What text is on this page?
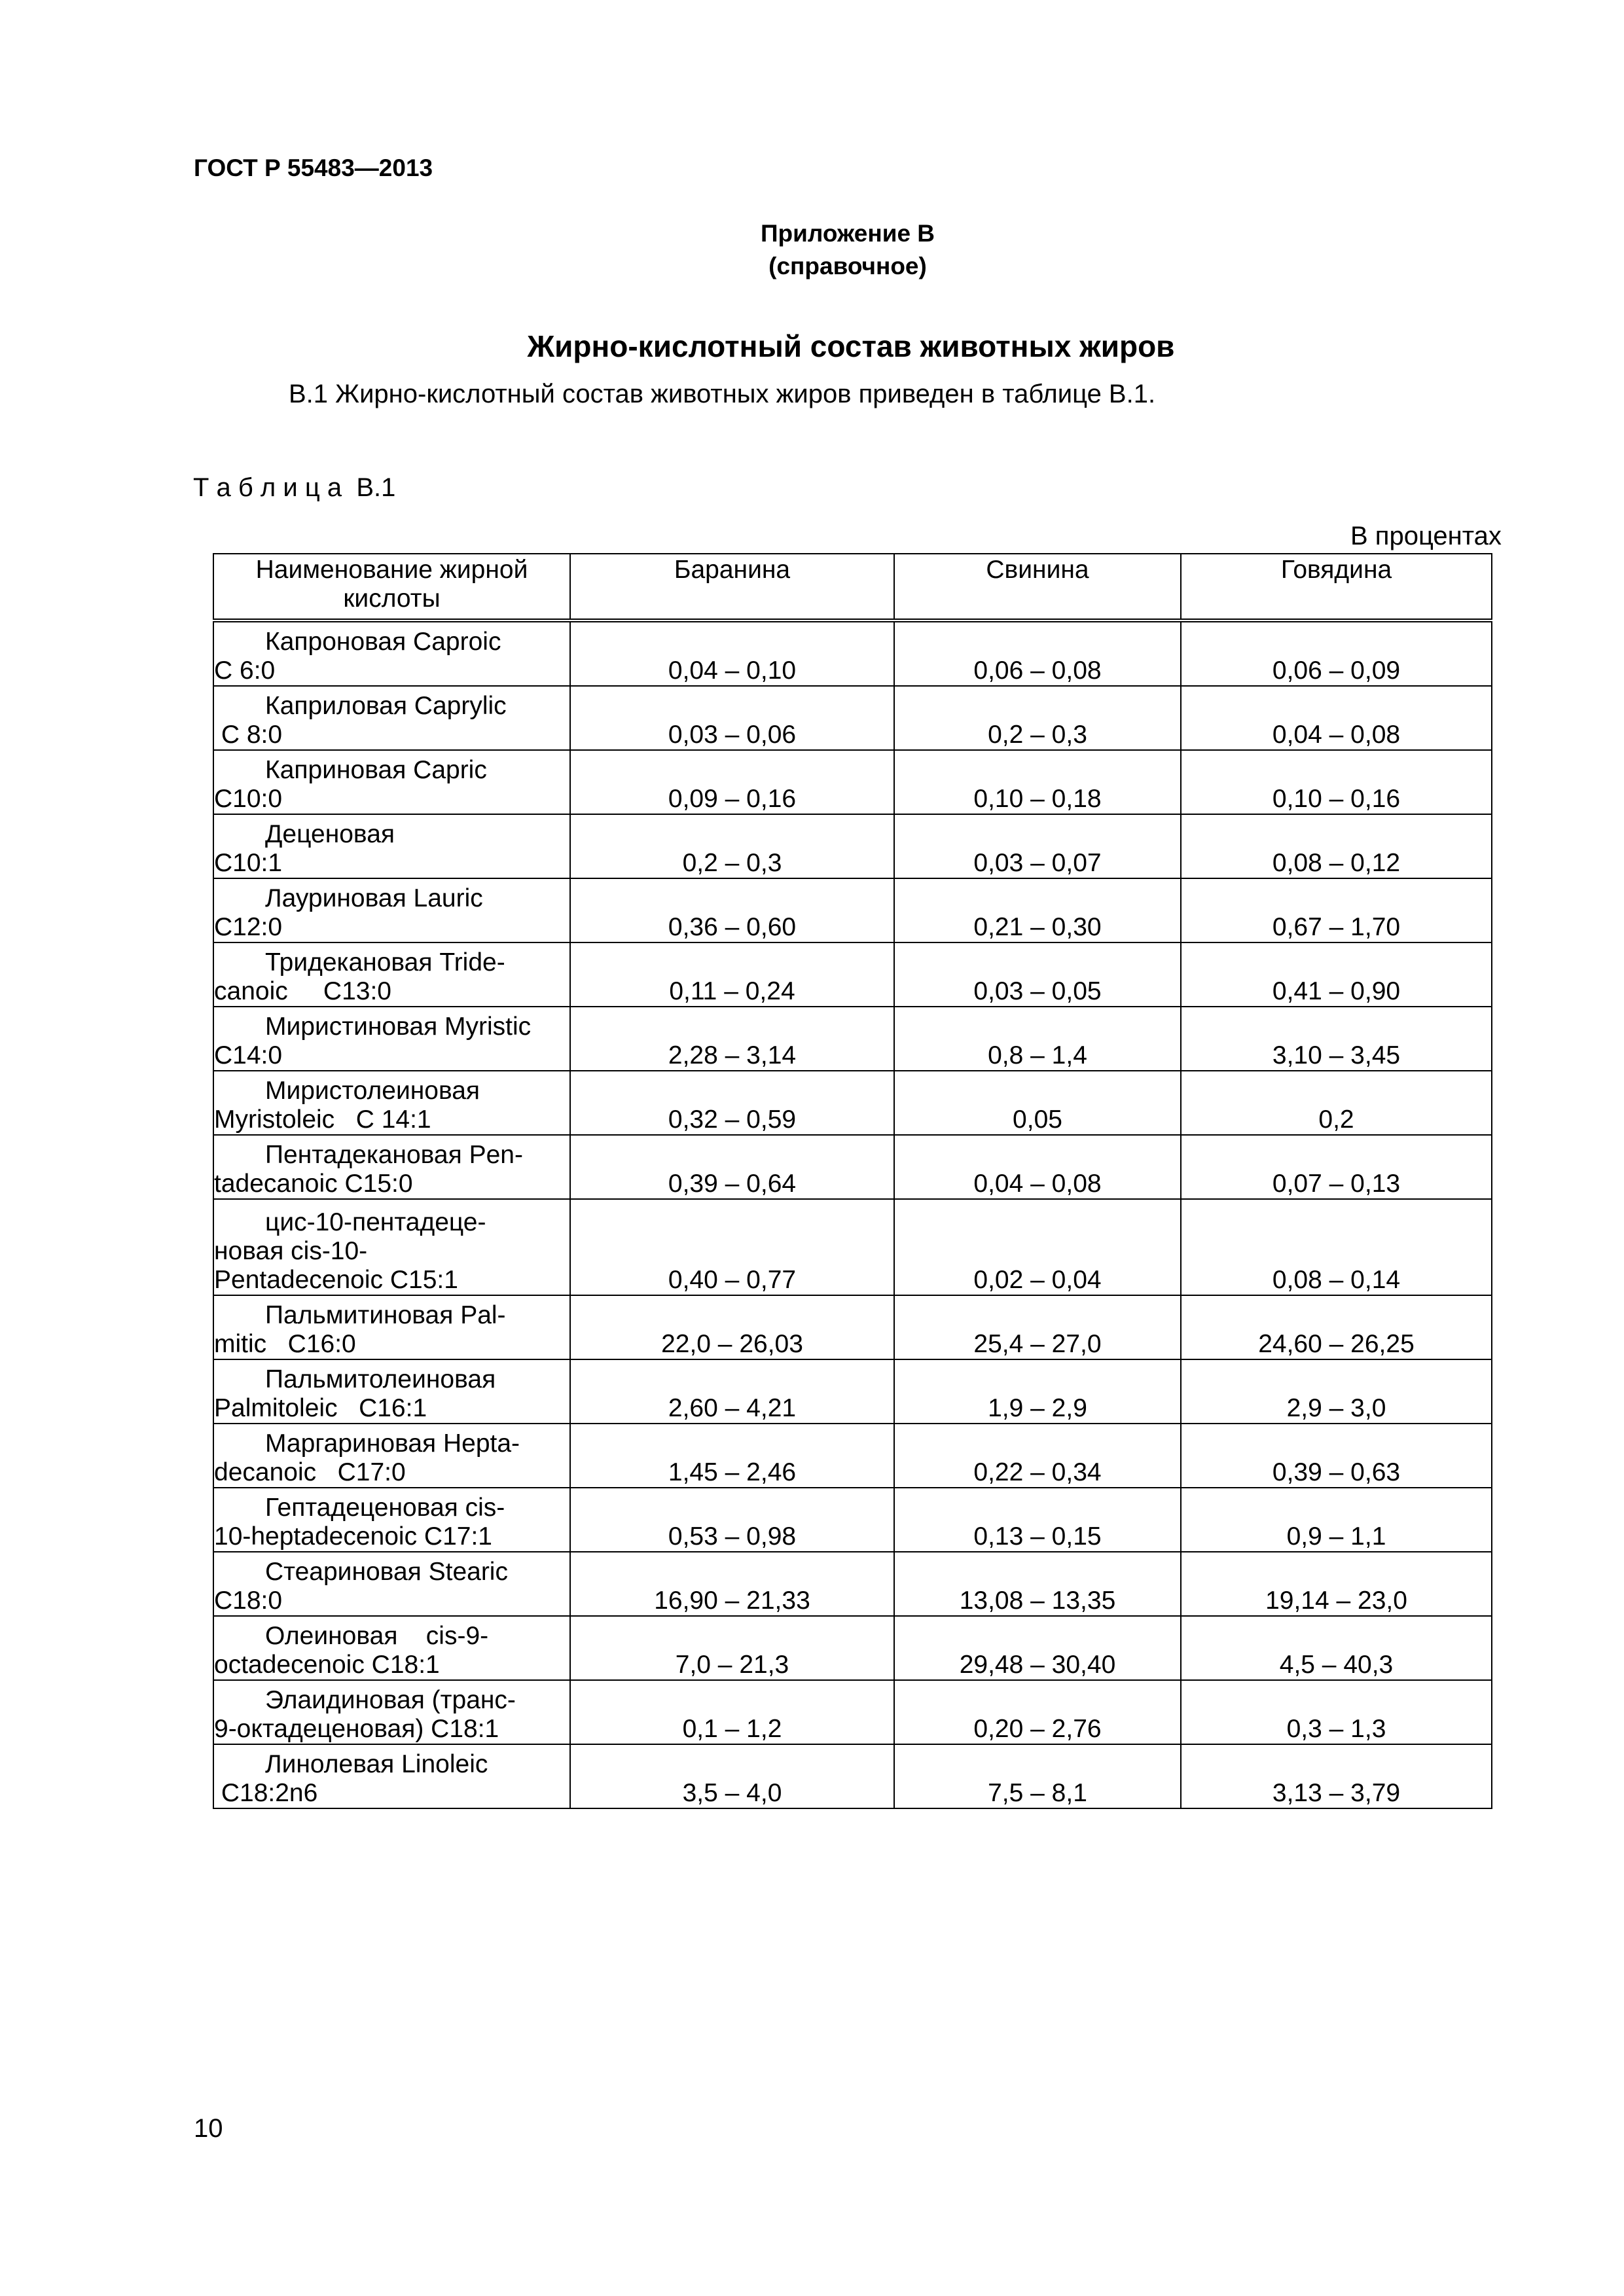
ГОСТ Р 55483—2013
Приложение В
(справочное)
Жирно-кислотный состав животных жиров
В.1 Жирно-кислотный состав животных жиров приведен в таблице В.1.
Т а б л и ц а  В.1
В процентах
Наименование жирной
кислоты	Баранина	Свинина	Говядина

Капроновая Caproic
С 6:0	0,04 – 0,10	0,06 – 0,08	0,06 – 0,09

Каприловая Caprylic
С 8:0	0,03 – 0,06	0,2 – 0,3	0,04 – 0,08

Каприновая Capric
С10:0	0,09 – 0,16	0,10 – 0,18	0,10 – 0,16

Деценовая
С10:1	0,2 – 0,3	0,03 – 0,07	0,08 – 0,12

Лауриновая Lauric
С12:0	0,36 – 0,60	0,21 – 0,30	0,67 – 1,70

Тридекановая Tride-
canoic     С13:0	0,11 – 0,24	0,03 – 0,05	0,41 – 0,90

Миристиновая Myristic
С14:0	2,28 – 3,14	0,8 – 1,4	3,10 – 3,45

Миристолеиновая
Myristoleic   С 14:1	0,32 – 0,59	0,05	0,2

Пентадекановая Pen-
tadecanoic С15:0	0,39 – 0,64	0,04 – 0,08	0,07 – 0,13

цис-10-пентадеце-
новая cis-10-
Pentadecenoic С15:1	0,40 – 0,77	0,02 – 0,04	0,08 – 0,14

Пальмитиновая Pal-
mitic   С16:0	22,0 – 26,03	25,4 – 27,0	24,60 – 26,25

Пальмитолеиновая
Palmitoleic   С16:1	2,60 – 4,21	1,9 – 2,9	2,9 – 3,0

Маргариновая Hepta-
decanoic   С17:0	1,45 – 2,46	0,22 – 0,34	0,39 – 0,63

Гептадеценовая cis-
10-heptadecenoic С17:1	0,53 – 0,98	0,13 – 0,15	0,9 – 1,1

Стеариновая Stearic
С18:0	16,90 – 21,33	13,08 – 13,35	19,14 – 23,0

Олеиновая    cis-9-
octadecenoic С18:1	7,0 – 21,3	29,48 – 30,40	4,5 – 40,3

Элаидиновая (транс-
9-октадеценовая) С18:1	0,1 – 1,2	0,20 – 2,76	0,3 – 1,3

Линолевая Linoleic
С18:2n6	3,5 – 4,0	7,5 – 8,1	3,13 – 3,79
10
